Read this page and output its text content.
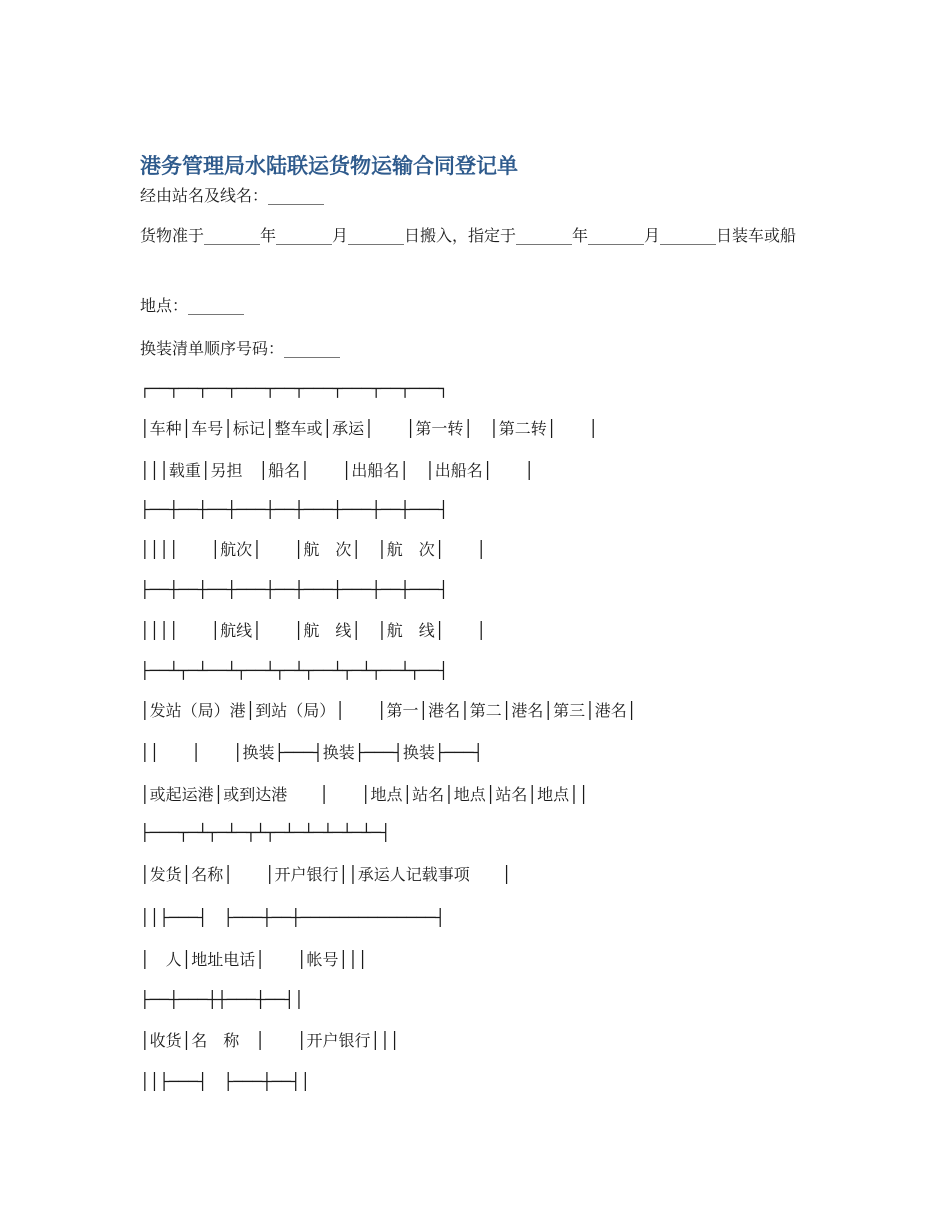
港务管理局水陆联运货物运输合同登记单

经由站名及线名：_______

货物准于_______年_______月_______日搬入，指定于_______年_______月_______日装车或船

地点：_______

换装清单顺序号码：_______

┌──┬──┬──┬───┬──┬───┬───┬──┬───┐

│车种│车号│标记│整车或│承运│　　│第一转│　│第二转│　　│

│││载重│另担　│船名│　　│出船名│　│出船名│　　│

├──┼──┼──┼───┼──┼───┼───┼──┼───┤

││││　　│航次│　　│航　次│　│航　次│　　│

├──┼──┼──┼───┼──┼───┼───┼──┼───┤

││││　　│航线│　　│航　线│　│航　线│　　│

├──┴┬─┴──┴┬──┴┬─┴┬──┴┬─┴┬──┴┬──┤

│发站（局）港│到站（局）│　　│第一│港名│第二│港名│第三│港名│

││　　│　　│换装├───┤换装├───┤换装├───┤

│或起运港│或到达港　　│　　│地点│站名│地点│站名│地点││

├───┬─┴┬─┴─┬┴┬─┴─┴─┴─┴─┴─┤

│发货│名称│　　│开户银行││承运人记载事项　　│

││├───┤　├───┼──┼──────────────┤

│　人│地址电话│　　│帐号│││

├──┼───┼┼───┼──┤│

│收货│名　称　│　　│开户银行│││

││├───┤　├───┼──┤│
